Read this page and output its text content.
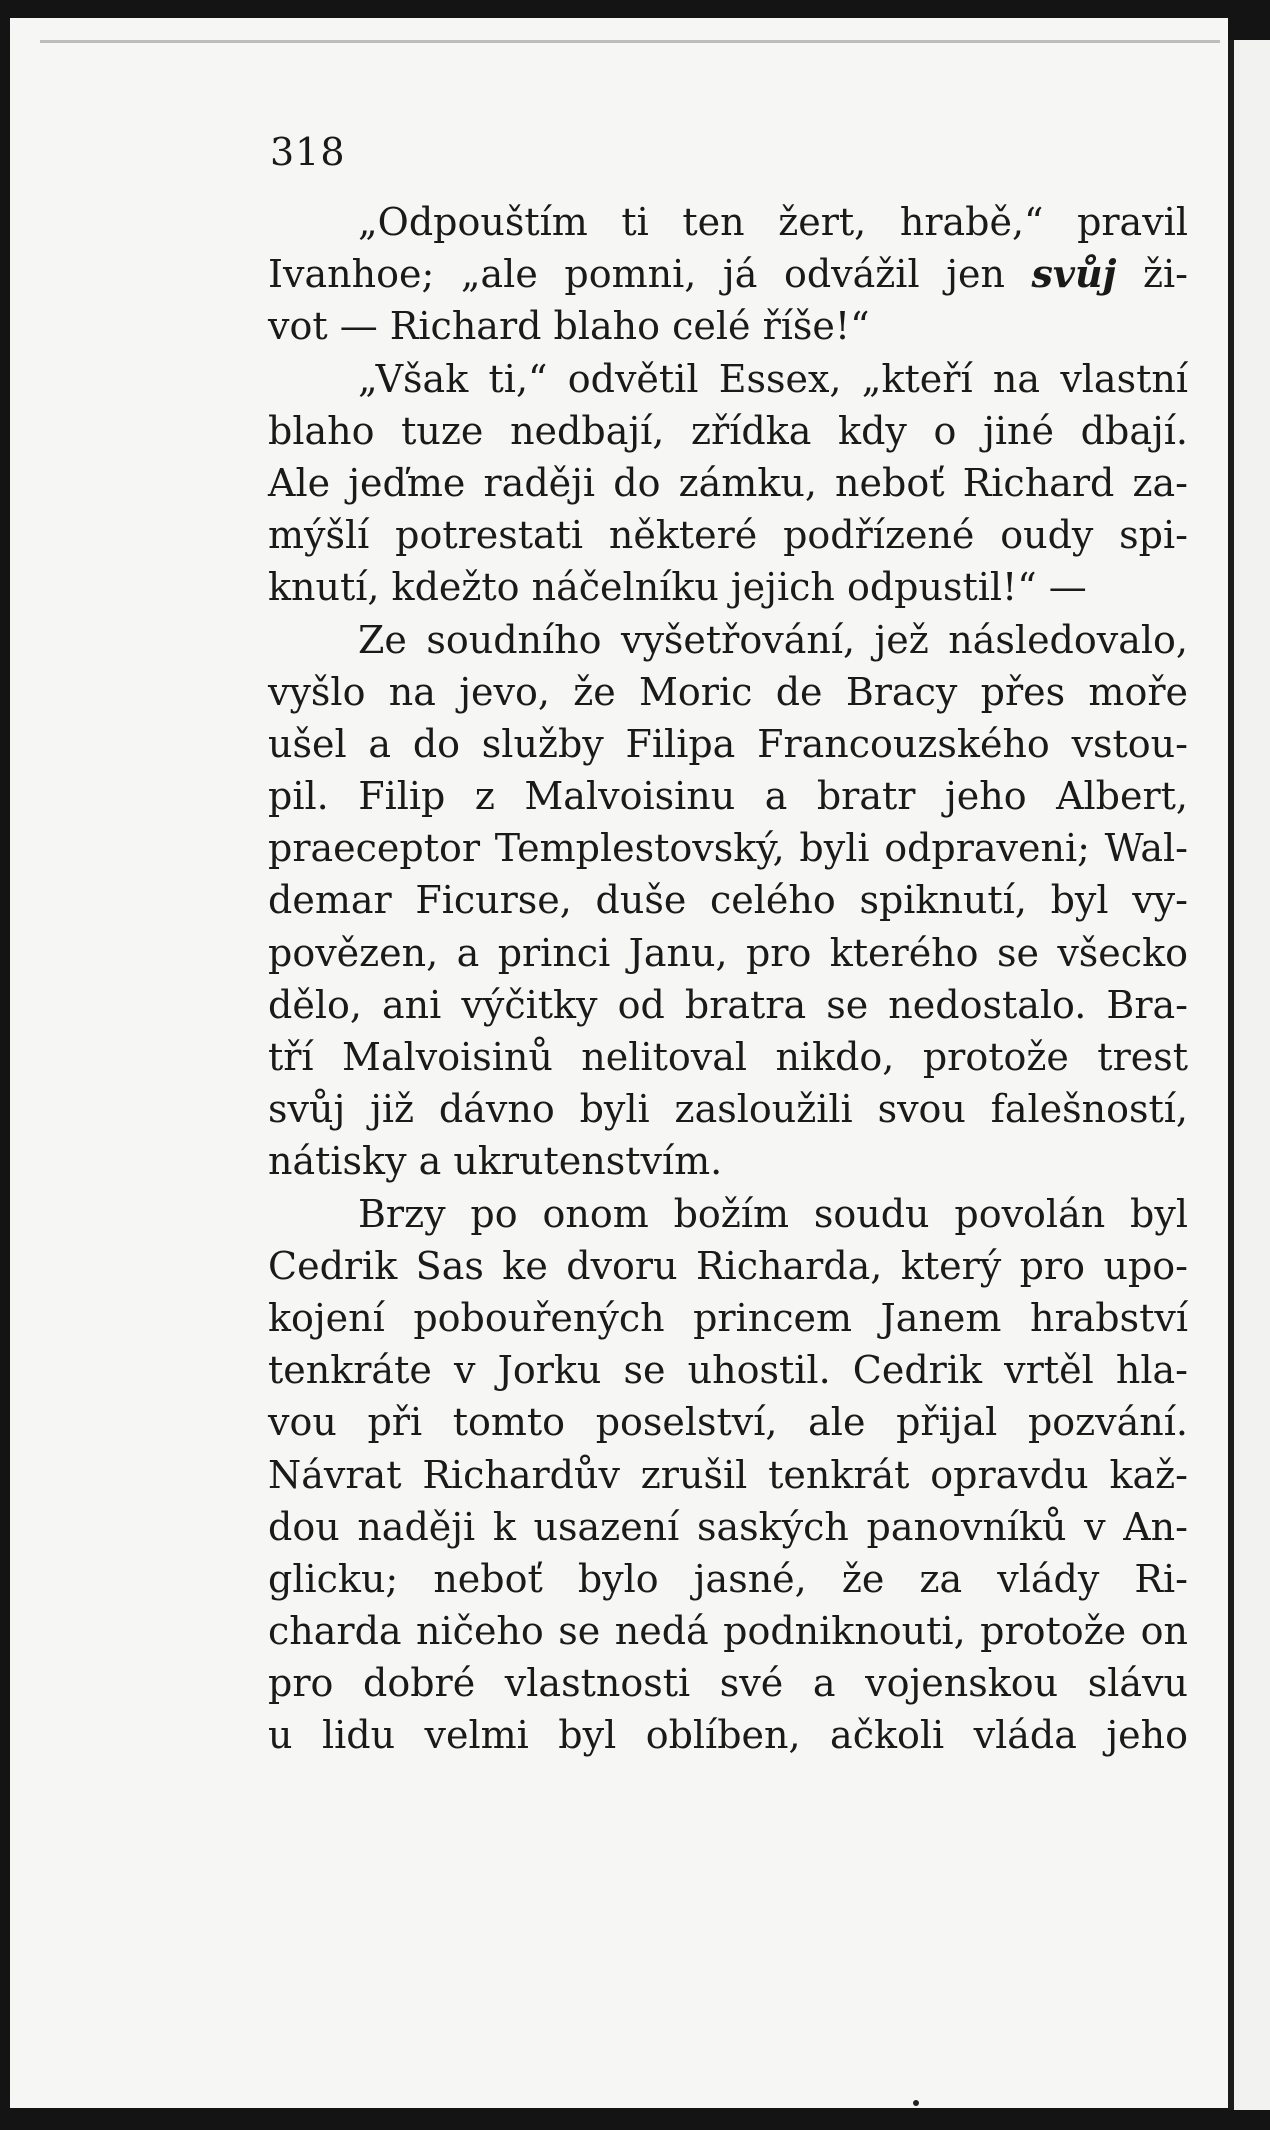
318
„Odpouštím ti ten žert, hrabě,“ pravil
Ivanhoe; „ale pomni, já odvážil jen svůj ži-
vot — Richard blaho celé říše!“
„Však ti,“ odvětil Essex, „kteří na vlastní
blaho tuze nedbají, zřídka kdy o jiné dbají.
Ale jeďme raději do zámku, neboť Richard za-
mýšlí potrestati některé podřízené oudy spi-
knutí, kdežto náčelníku jejich odpustil!“ —
Ze soudního vyšetřování, jež následovalo,
vyšlo na jevo, že Moric de Bracy přes moře
ušel a do služby Filipa Francouzského vstou-
pil. Filip z Malvoisinu a bratr jeho Albert,
praeceptor Templestovský, byli odpraveni; Wal-
demar Ficurse, duše celého spiknutí, byl vy-
povězen, a princi Janu, pro kterého se všecko
dělo, ani výčitky od bratra se nedostalo. Bra-
tří Malvoisinů nelitoval nikdo, protože trest
svůj již dávno byli zasloužili svou falešností,
nátisky a ukrutenstvím.
Brzy po onom božím soudu povolán byl
Cedrik Sas ke dvoru Richarda, který pro upo-
kojení pobouřených princem Janem hrabství
tenkráte v Jorku se uhostil. Cedrik vrtěl hla-
vou při tomto poselství, ale přijal pozvání.
Návrat Richardův zrušil tenkrát opravdu kaž-
dou naději k usazení saských panovníků v An-
glicku; neboť bylo jasné, že za vlády Ri-
charda ničeho se nedá podniknouti, protože on
pro dobré vlastnosti své a vojenskou slávu
u lidu velmi byl oblíben, ačkoli vláda jeho
